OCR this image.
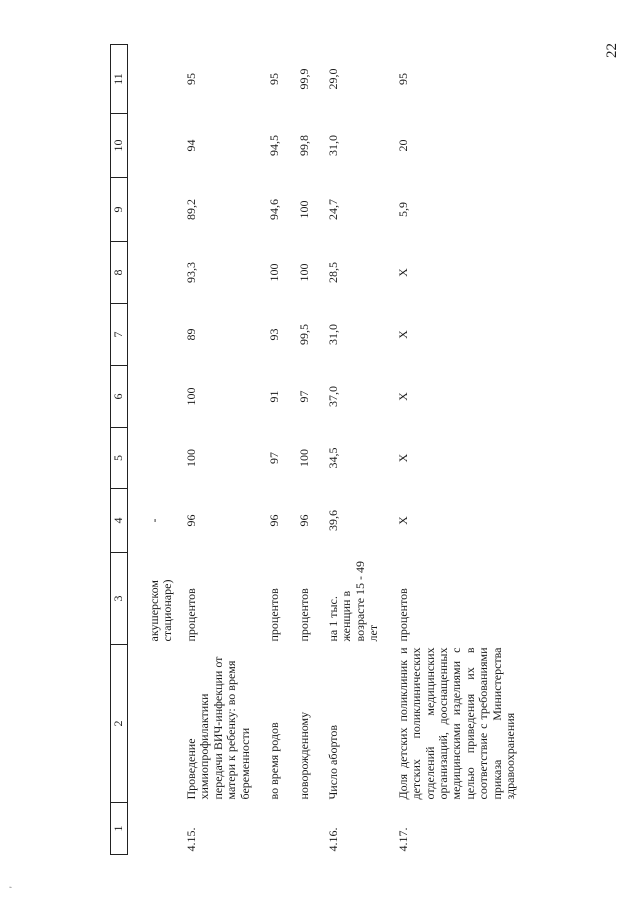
22
'
1	2	3	4	5	6	7	8	9	10	11
		акушерском стационаре)	-							
4.15.	Проведение химиопрофилактики передачи ВИЧ-инфекции от матери к ребенку: во время беременности	процентов	96	100	100	89	93,3	89,2	94	95
	во время родов	процентов	96	97	91	93	100	94,6	94,5	95
	новорожденному	процентов	96	100	97	99,5	100	100	99,8	99,9
4.16.	Число абортов	на 1 тыс. женщин в возрасте 15 - 49 лет	39,6	34,5	37,0	31,0	28,5	24,7	31,0	29,0
4.17.	Доля детских поликлиник и детских поликлинических отделений медицинских организаций, дооснащенных медицинскими изделиями с целью приведения их в соответствие с требованиями приказа Министерства здравоохранения	процентов	Х	Х	Х	Х	Х	5,9	20	95
